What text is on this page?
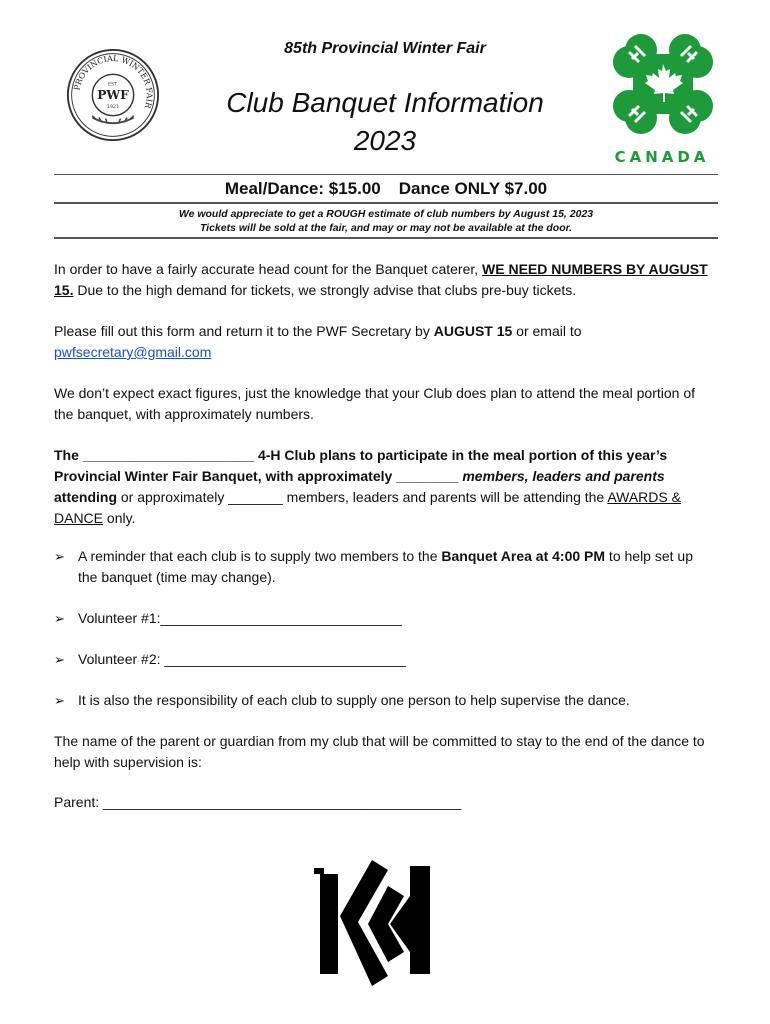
PROVINCIAL WINTER FAIR
EST.
PWF
1921
CANADA
85th Provincial Winter Fair
Club Banquet Information
2023
Meal/Dance: $15.00 Dance ONLY $7.00
We would appreciate to get a ROUGH estimate of club numbers by August 15, 2023
Tickets will be sold at the fair, and may or may not be available at the door.
In order to have a fairly accurate head count for the Banquet caterer, WE NEED NUMBERS BY AUGUST 15. Due to the high demand for tickets, we strongly advise that clubs pre-buy tickets.
Please fill out this form and return it to the PWF Secretary by AUGUST 15 or email to
pwfsecretary@gmail.com
We don’t expect exact figures, just the knowledge that your Club does plan to attend the meal portion of the banquet, with approximately numbers.
The ______________________ 4-H Club plans to participate in the meal portion of this year’s Provincial Winter Fair Banquet, with approximately ________ members, leaders and parents attending or approximately _______ members, leaders and parents will be attending the AWARDS & DANCE only.
➢ A reminder that each club is to supply two members to the Banquet Area at 4:00 PM to help set up the banquet (time may change).
➢ Volunteer #1:_______________________________
➢ Volunteer #2: _______________________________
➢ It is also the responsibility of each club to supply one person to help supervise the dance.
The name of the parent or guardian from my club that will be committed to stay to the end of the dance to help with supervision is:
Parent: ______________________________________________
